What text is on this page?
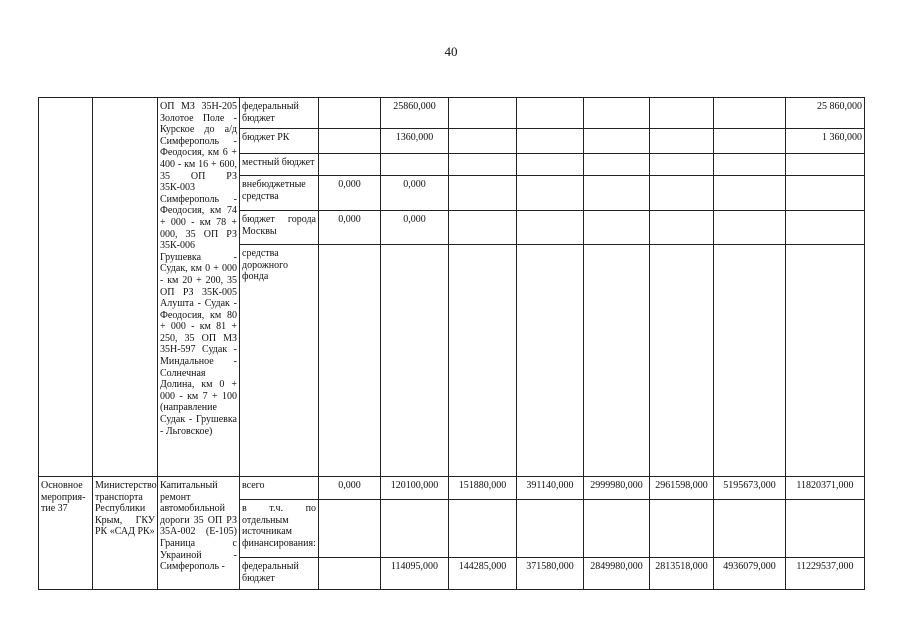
40
		ОП МЗ 35Н-205 Золотое Поле - Курское до а/д Симферополь - Феодосия, км 6 + 400 - км 16 + 600, 35 ОП РЗ 35К-003 Симферополь - Феодосия, км 74 + 000 - км 78 + 000, 35 ОП РЗ 35К-006 Грушевка - Судак, км 0 + 000 - км 20 + 200, 35 ОП РЗ 35К-005 Алушта - Судак - Феодосия, км 80 + 000 - км 81 + 250, 35 ОП МЗ 35Н-597 Судак - Миндальное - Солнечная Долина, км 0 + 000 - км 7 + 100 (направление Судак - Грушевка - Льговское)	федеральный бюджет		25860,000						25 860,000
			бюджет РК		1360,000						1 360,000
			местный бюджет								
			внебюджетные средства	0,000	0,000						
			бюджет города Москвы	0,000	0,000						
			средства дорожного фонда								
Основное мероприя-тие 37	Министерство транспорта Республики Крым, ГКУ РК «САД РК»	Капитальный ремонт автомобильной дороги 35 ОП РЗ 35А-002 (Е-105) Граница с Украиной - Симферополь -	всего	0,000	120100,000	151880,000	391140,000	2999980,000	2961598,000	5195673,000	11820371,000
			в т.ч. по отдельным источникам финансирования:								
			федеральный бюджет		114095,000	144285,000	371580,000	2849980,000	2813518,000	4936079,000	11229537,000
